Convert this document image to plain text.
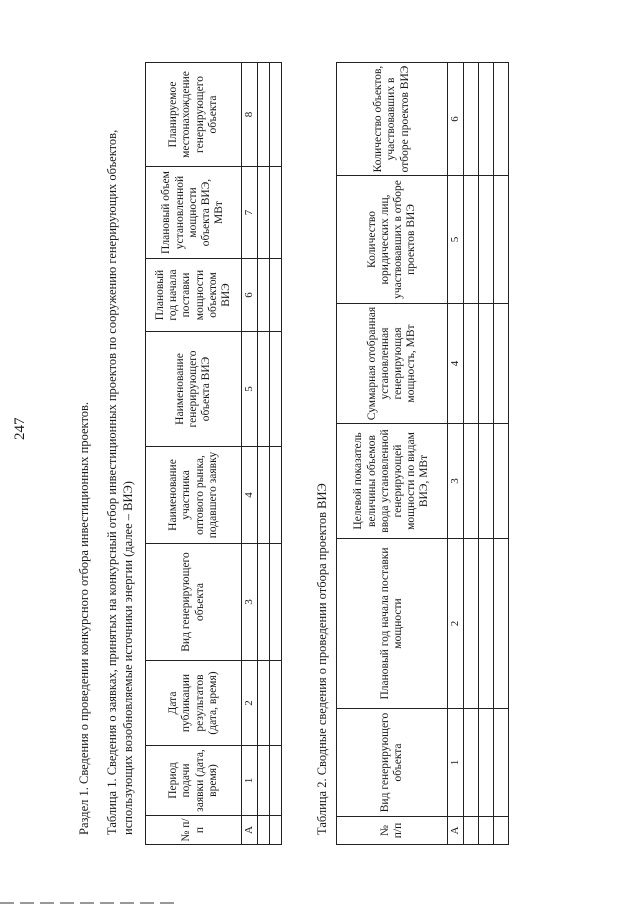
247	Раздел 1. Сведения о проведении конкурсного отбора инвестиционных проектов. Таблица 1. Сведения о заявках, принятых на конкурсный отбор инвестиционных проектов по сооружению генерирующих объектов, использующих возобновляемые источники энергии (далее – ВИЭ)	№ п/п	Период подачи заявки (дата, время)	Дата публикации результатов (дата, время)	Вид генерирующего объекта	Наименование участника оптового рынка, подавшего заявку	Наименование генерирующего объекта ВИЭ	Плановый год начала поставки мощности объектом ВИЭ	Плановый объем установленной мощности объекта ВИЭ, МВт	Планируемое местонахождение генерирующего объекта
А	1	2	3	4	5	6	7	8

Таблица 2. Сводные сведения о проведении отбора проектов ВИЭ	№ п/п	Вид генерирующего объекта	Плановый год начала поставки мощности	Целевой показатель величины объемов ввода установленной генерирующей мощности по видам ВИЭ, МВт	Суммарная отобранная установленная генерирующая мощность, МВт	Количество юридических лиц, участвовавших в отборе проектов ВИЭ	Количество объектов, участвовавших в отборе проектов ВИЭ
А	1	2	3	4	5	6
